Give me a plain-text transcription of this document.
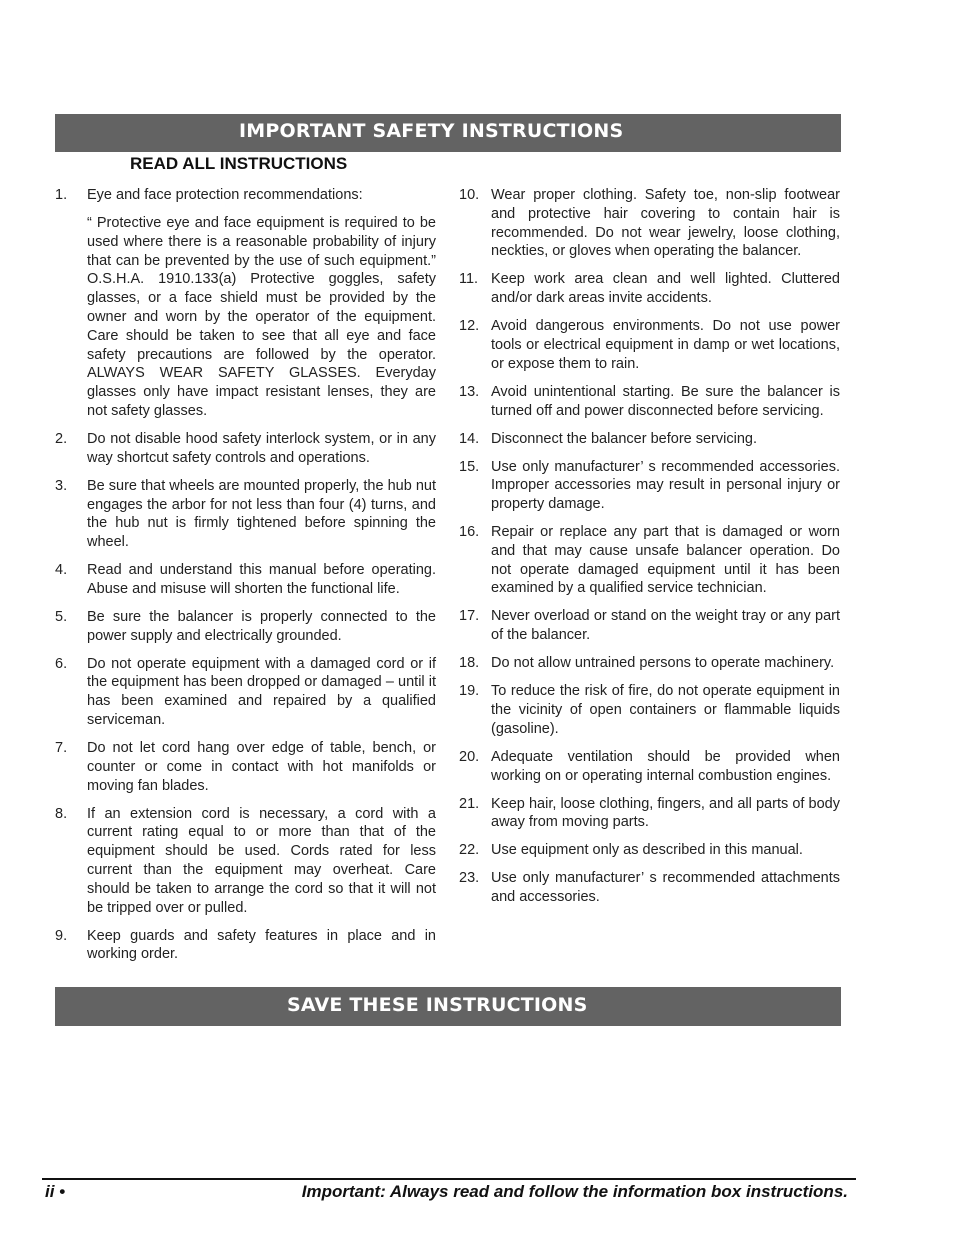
IMPORTANT SAFETY INSTRUCTIONS
READ ALL INSTRUCTIONS
1.	Eye and face protection recommendations:

“ Protective eye and face equipment is required to be used where there is a reasonable probability of injury that can be prevented by the use of such equipment.” O.S.H.A. 1910.133(a) Protective goggles, safety glasses, or a face shield must be provided by the owner and worn by the operator of the equipment. Care should be taken to see that all eye and face safety precautions are followed by the operator. ALWAYS WEAR SAFETY GLASSES. Everyday glasses only have impact resistant lenses, they are not safety glasses.

2.	Do not disable hood safety interlock system, or in any way shortcut safety controls and operations.

3.	Be sure that wheels are mounted properly, the hub nut engages the arbor for not less than four (4) turns, and the hub nut is firmly tightened before spinning the wheel.

4.	Read and understand this manual before operating. Abuse and misuse will shorten the functional life.

5.	Be sure the balancer is properly connected to the power supply and electrically grounded.

6.	Do not operate equipment with a damaged cord or if the equipment has been dropped or damaged – until it has been examined and repaired by a qualified serviceman.

7.	Do not let cord hang over edge of table, bench, or counter or come in contact with hot manifolds or moving fan blades.

8.	If an extension cord is necessary, a cord with a current rating equal to or more than that of the equipment should be used. Cords rated for less current than the equipment may overheat. Care should be taken to arrange the cord so that it will not be tripped over or pulled.

9.	Keep guards and safety features in place and in working order.

10. Wear proper clothing. Safety toe, non-slip footwear and protective hair covering to contain hair is recommended. Do not wear jewelry, loose clothing, neckties, or gloves when operating the balancer.

11. Keep work area clean and well lighted. Cluttered and/or dark areas invite accidents.

12. Avoid dangerous environments. Do not use power tools or electrical equipment in damp or wet locations, or expose them to rain.

13. Avoid unintentional starting. Be sure the balancer is turned off and power disconnected before servicing.

14. Disconnect the balancer before servicing.

15. Use only manufacturer’ s recommended accessories. Improper accessories may result in personal injury or property damage.

16. Repair or replace any part that is damaged or worn and that may cause unsafe balancer operation. Do not operate damaged equipment until it has been examined by a qualified service technician.

17. Never overload or stand on the weight tray or any part of the balancer.

18. Do not allow untrained persons to operate machinery.

19. To reduce the risk of fire, do not operate equipment in the vicinity of open containers or flammable liquids (gasoline).

20. Adequate ventilation should be provided when working on or operating internal combustion engines.

21. Keep hair, loose clothing, fingers, and all parts of body away from moving parts.

22. Use equipment only as described in this manual.

23. Use only manufacturer’ s recommended attachments and accessories.

SAVE THESE INSTRUCTIONS
ii •	Important: Always read and follow the information box instructions.
